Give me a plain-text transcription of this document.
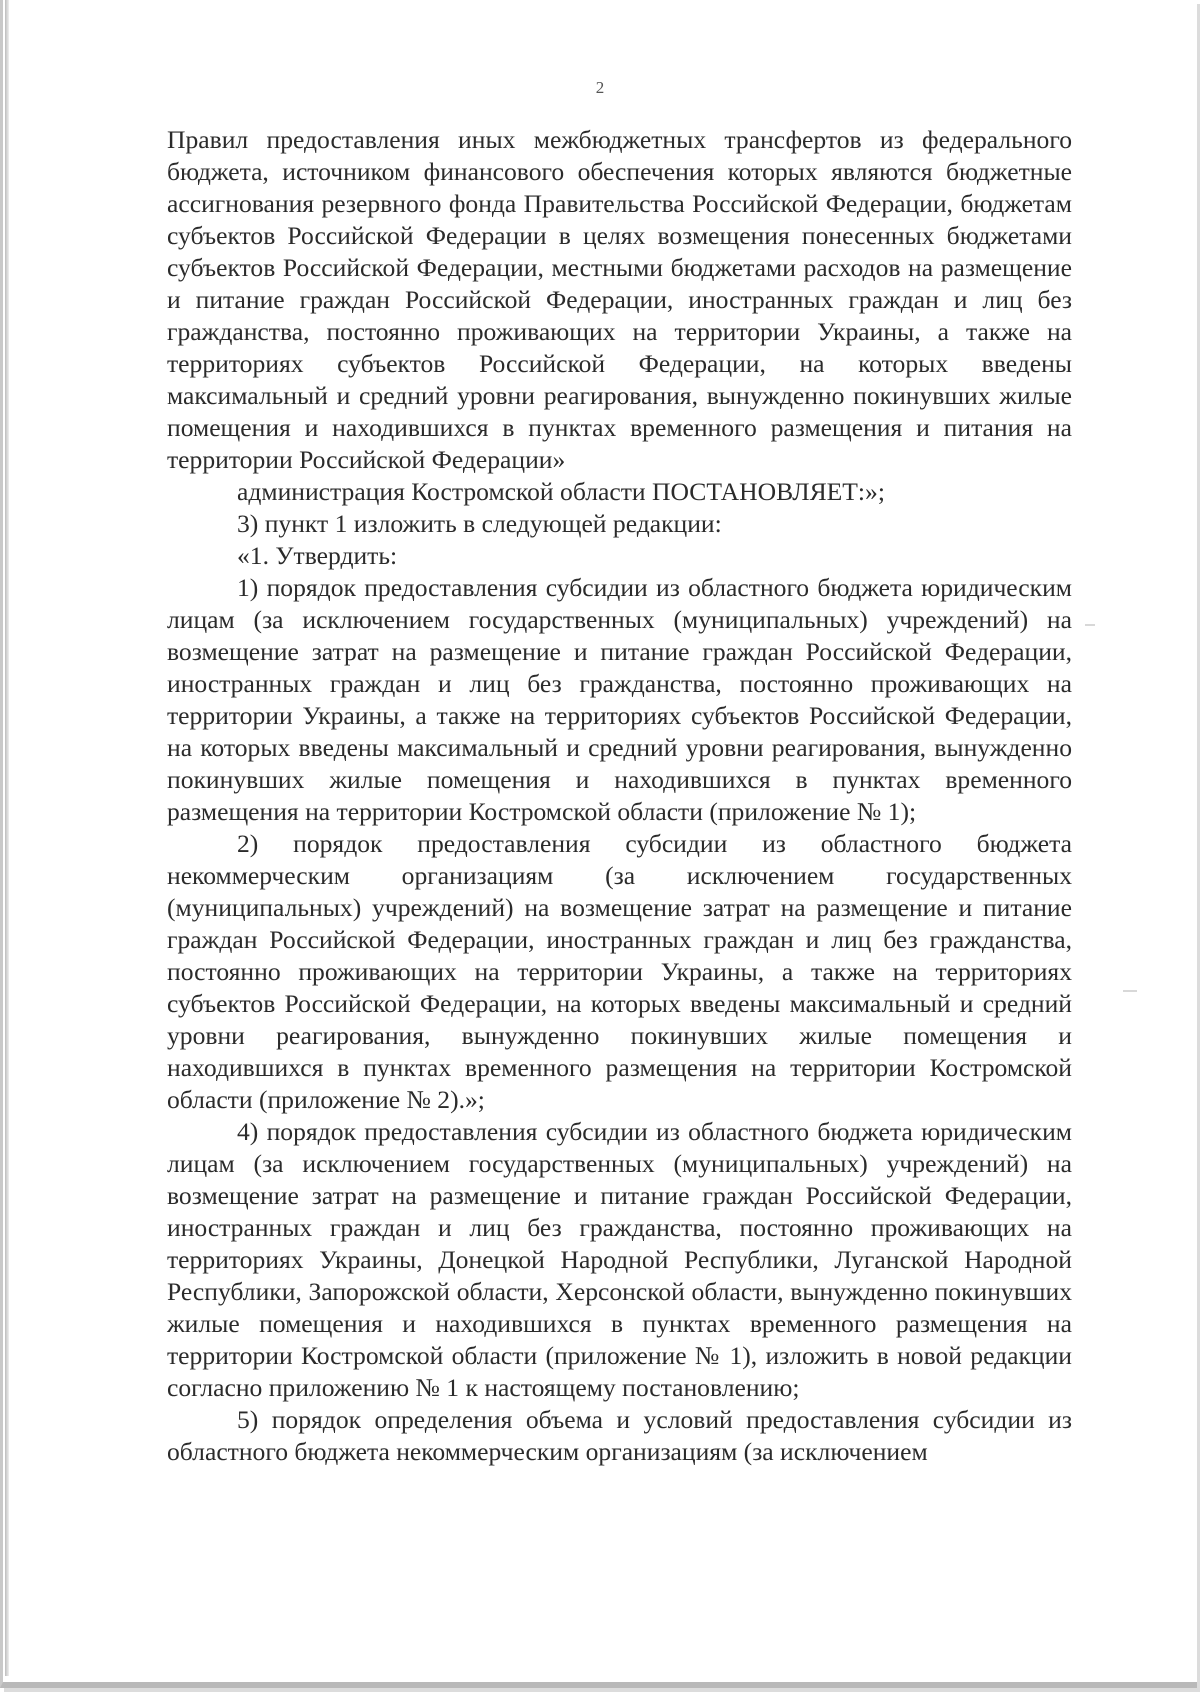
2

Правил предоставления иных межбюджетных трансфертов из федерального бюджета, источником финансового обеспечения которых являются бюджетные ассигнования резервного фонда Правительства Российской Федерации, бюджетам субъектов Российской Федерации в целях возмещения понесенных бюджетами субъектов Российской Федерации, местными бюджетами расходов на размещение и питание граждан Российской Федерации, иностранных граждан и лиц без гражданства, постоянно проживающих на территории Украины, а также на территориях субъектов Российской Федерации, на которых введены максимальный и средний уровни реагирования, вынужденно покинувших жилые помещения и находившихся в пунктах временного размещения и питания на территории Российской Федерации»

администрация Костромской области ПОСТАНОВЛЯЕТ:»;

3) пункт 1 изложить в следующей редакции:

«1. Утвердить:

1) порядок предоставления субсидии из областного бюджета юридическим лицам (за исключением государственных (муниципальных) учреждений) на возмещение затрат на размещение и питание граждан Российской Федерации, иностранных граждан и лиц без гражданства, постоянно проживающих на территории Украины, а также на территориях субъектов Российской Федерации, на которых введены максимальный и средний уровни реагирования, вынужденно покинувших жилые помещения и находившихся в пунктах временного размещения на территории Костромской области (приложение № 1);

2) порядок предоставления субсидии из областного бюджета некоммерческим организациям (за исключением государственных (муниципальных) учреждений) на возмещение затрат на размещение и питание граждан Российской Федерации, иностранных граждан и лиц без гражданства, постоянно проживающих на территории Украины, а также на территориях субъектов Российской Федерации, на которых введены максимальный и средний уровни реагирования, вынужденно покинувших жилые помещения и находившихся в пунктах временного размещения на территории Костромской области (приложение № 2).»;

4) порядок предоставления субсидии из областного бюджета юридическим лицам (за исключением государственных (муниципальных) учреждений) на возмещение затрат на размещение и питание граждан Российской Федерации, иностранных граждан и лиц без гражданства, постоянно проживающих на территориях Украины, Донецкой Народной Республики, Луганской Народной Республики, Запорожской области, Херсонской области, вынужденно покинувших жилые помещения и находившихся в пунктах временного размещения на территории Костромской области (приложение № 1), изложить в новой редакции согласно приложению № 1 к настоящему постановлению;

5) порядок определения объема и условий предоставления субсидии из областного бюджета некоммерческим организациям (за исключением
